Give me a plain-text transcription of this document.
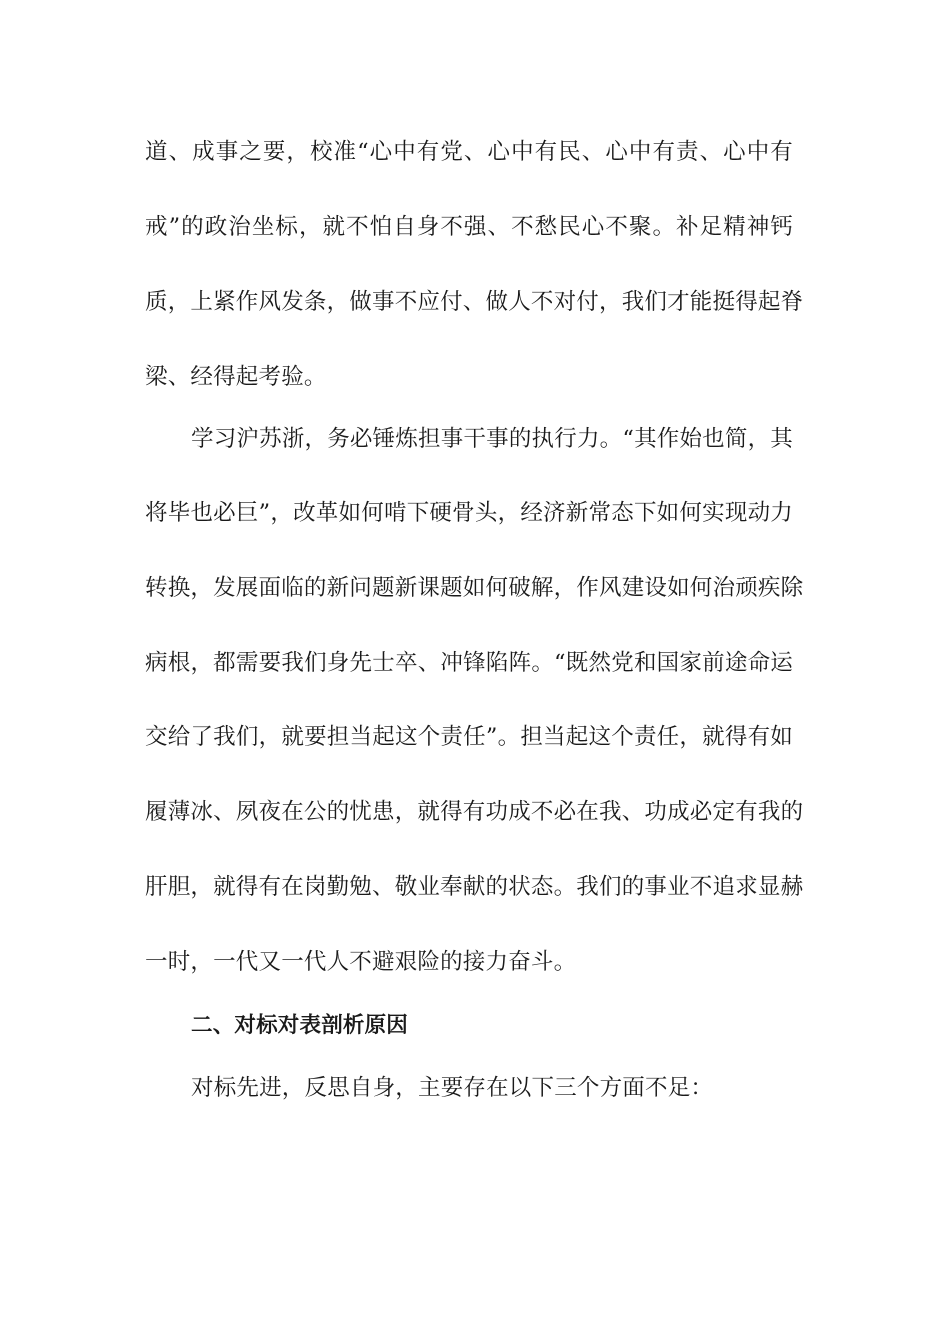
道、成事之要，校准“心中有党、心中有民、心中有责、心中有
戒”的政治坐标，就不怕自身不强、不愁民心不聚。补足精神钙
质，上紧作风发条，做事不应付、做人不对付，我们才能挺得起脊
梁、经得起考验。
学习沪苏浙，务必锤炼担事干事的执行力。“其作始也简，其
将毕也必巨”，改革如何啃下硬骨头，经济新常态下如何实现动力
转换，发展面临的新问题新课题如何破解，作风建设如何治顽疾除
病根，都需要我们身先士卒、冲锋陷阵。“既然党和国家前途命运
交给了我们，就要担当起这个责任”。担当起这个责任，就得有如
履薄冰、夙夜在公的忧患，就得有功成不必在我、功成必定有我的
肝胆，就得有在岗勤勉、敬业奉献的状态。我们的事业不追求显赫
一时，一代又一代人不避艰险的接力奋斗。
二、对标对表剖析原因
对标先进，反思自身，主要存在以下三个方面不足：
